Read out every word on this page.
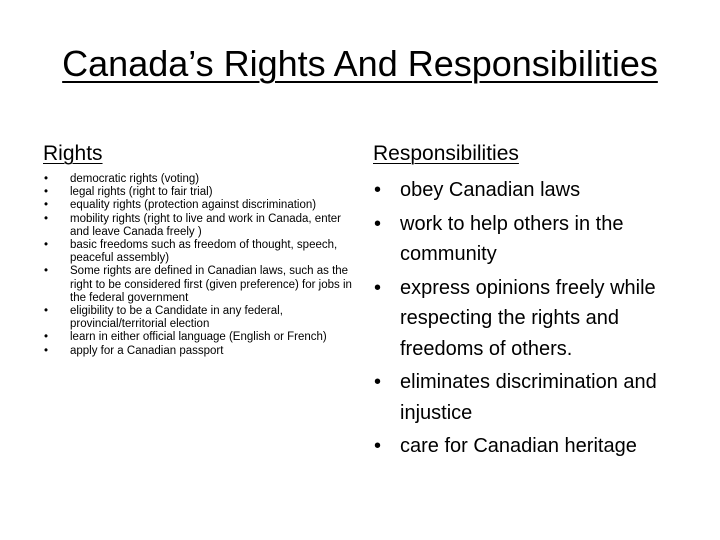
Canada’s Rights And Responsibilities
Rights
• democratic rights (voting)
• legal rights (right to fair trial)
• equality rights (protection against discrimination)
• mobility rights (right to live and work in Canada, enter and leave Canada freely )
• basic freedoms such as freedom of thought, speech, peaceful assembly)
• Some rights are defined in Canadian laws, such as the right to be considered first (given preference) for jobs in the federal government
• eligibility to be a Candidate in any federal, provincial/territorial election
• learn in either official language (English or French)
• apply for a Canadian passport
Responsibilities
• obey Canadian laws
• work to help others in the community
• express opinions freely while respecting the rights and freedoms of others.
• eliminates discrimination and injustice
• care for Canadian heritage
